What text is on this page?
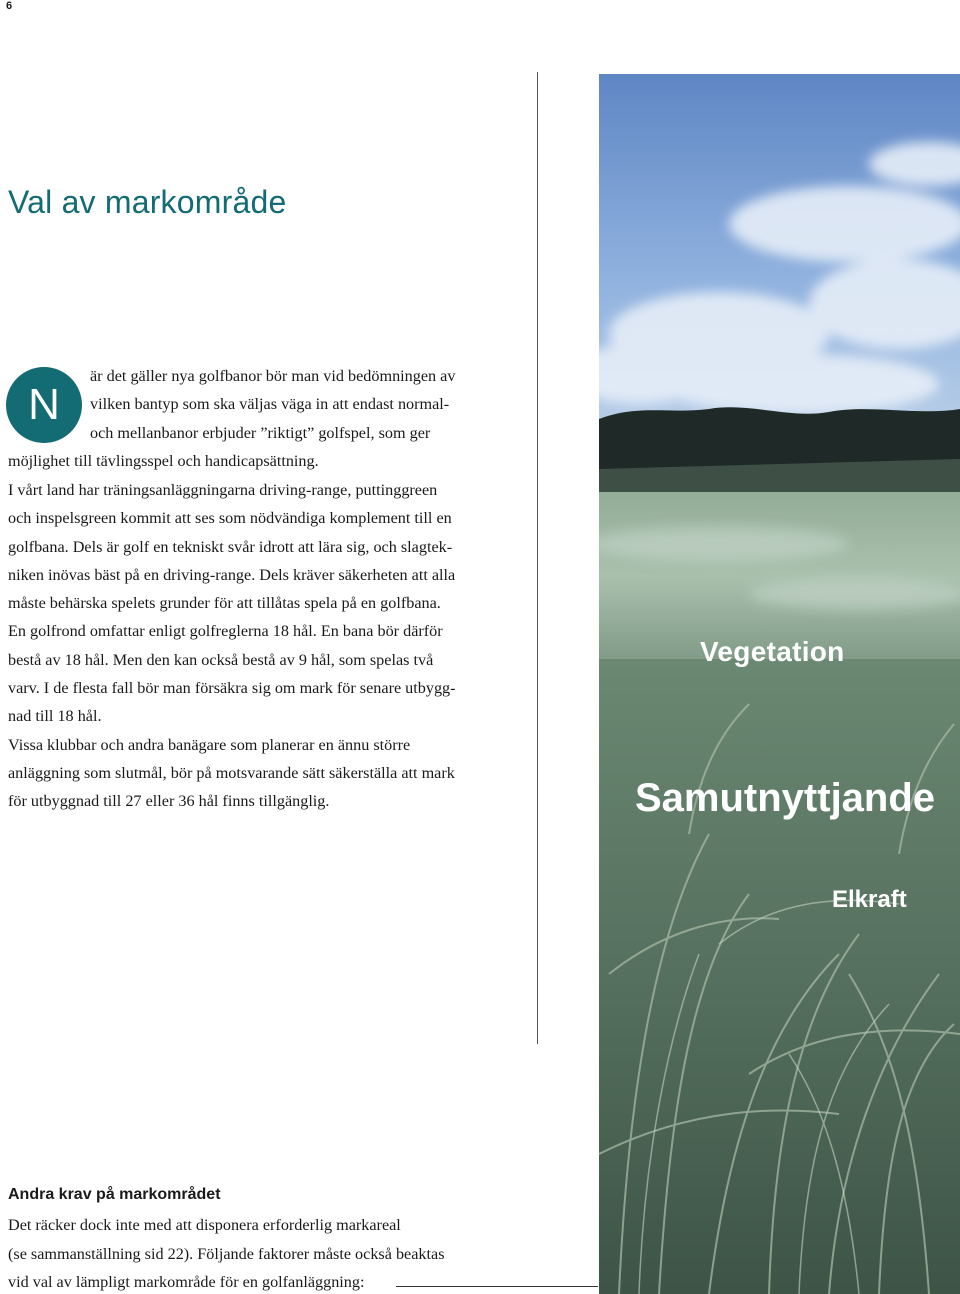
6
Val av markområde
N

är det gäller nya golfbanor bör man vid bedömningen av

vilken bantyp som ska väljas väga in att endast normal-

och mellanbanor erbjuder ”riktigt” golfspel, som ger

möjlighet till tävlingsspel och handicapsättning.

I vårt land har träningsanläggningarna driving-range, puttinggreen

och inspelsgreen kommit att ses som nödvändiga komplement till en

golfbana. Dels är golf en tekniskt svår idrott att lära sig, och slagtek-

niken inövas bäst på en driving-range. Dels kräver säkerheten att alla

måste behärska spelets grunder för att tillåtas spela på en golfbana.

En golfrond omfattar enligt golfreglerna 18 hål. En bana bör därför

bestå av 18 hål. Men den kan också bestå av 9 hål, som spelas två

varv. I de flesta fall bör man försäkra sig om mark för senare utbygg-

nad till 18 hål.

Vissa klubbar och andra banägare som planerar en ännu större

anläggning som slutmål, bör på motsvarande sätt säkerställa att mark

för utbyggnad till 27 eller 36 hål finns tillgänglig.

Vegetation
Samutnyttjande
Elkraft
Andra krav på markområdet

Det räcker dock inte med att disponera erforderlig markareal

(se sammanställning sid 22). Följande faktorer måste också beaktas

vid val av lämpligt markområde för en golfanläggning:
